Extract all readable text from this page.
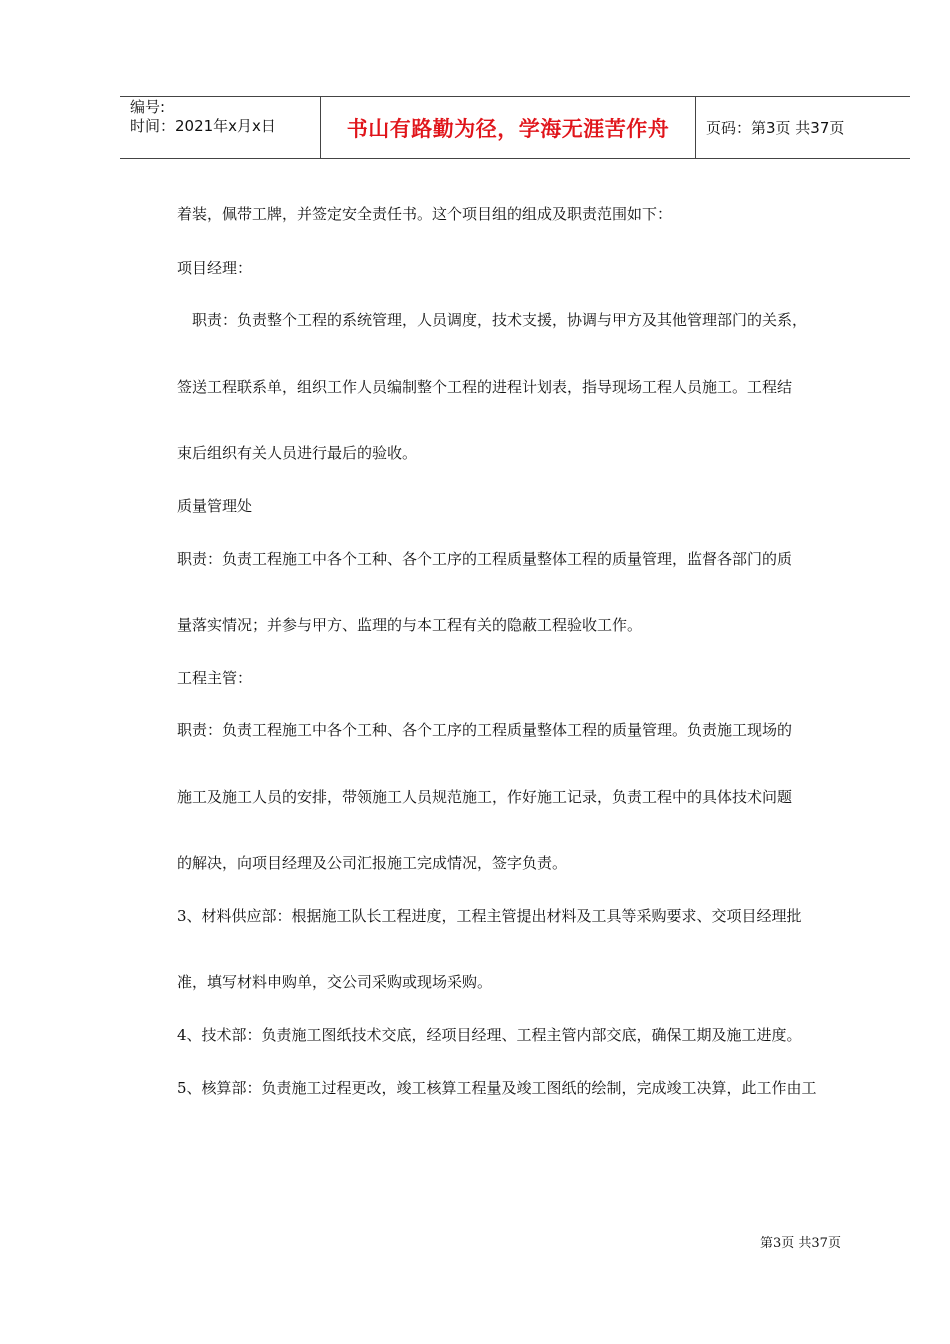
编号:
时间：2021年x月x日	书山有路勤为径，学海无涯苦作舟	页码：第3页 共37页
着装，佩带工牌，并签定安全责任书。这个项目组的组成及职责范围如下：
项目经理：
　职责：负责整个工程的系统管理，人员调度，技术支援，协调与甲方及其他管理部门的关系，
签送工程联系单，组织工作人员编制整个工程的进程计划表，指导现场工程人员施工。工程结
束后组织有关人员进行最后的验收。
质量管理处
职责：负责工程施工中各个工种、各个工序的工程质量整体工程的质量管理，监督各部门的质
量落实情况；并参与甲方、监理的与本工程有关的隐蔽工程验收工作。
工程主管：
职责：负责工程施工中各个工种、各个工序的工程质量整体工程的质量管理。负责施工现场的
施工及施工人员的安排，带领施工人员规范施工，作好施工记录，负责工程中的具体技术问题
的解决，向项目经理及公司汇报施工完成情况，签字负责。
3、材料供应部：根据施工队长工程进度，工程主管提出材料及工具等采购要求、交项目经理批
准，填写材料申购单，交公司采购或现场采购。
4、技术部：负责施工图纸技术交底，经项目经理、工程主管内部交底，确保工期及施工进度。
5、核算部：负责施工过程更改，竣工核算工程量及竣工图纸的绘制，完成竣工决算，此工作由工
第3页 共37页
